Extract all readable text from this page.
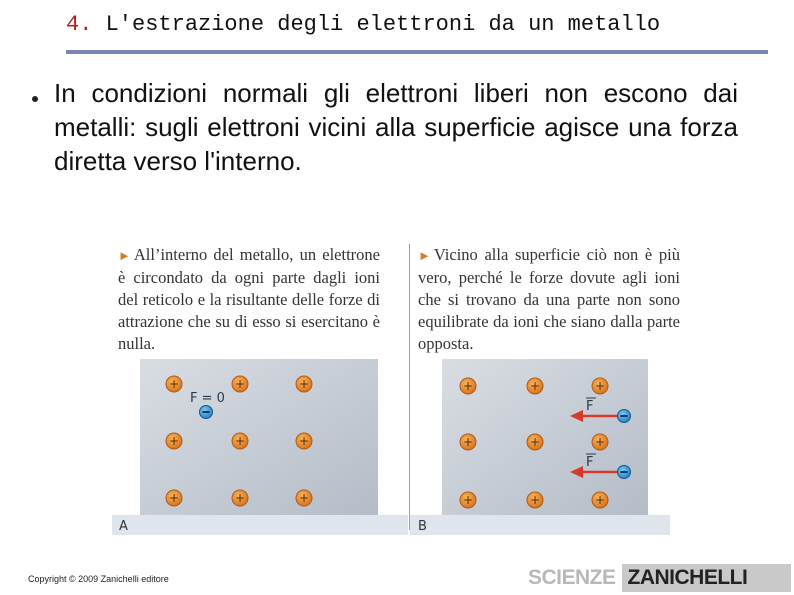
4. L'estrazione degli elettroni da un metallo
In condizioni normali gli elettroni liberi non escono dai metalli: sugli elettroni vicini alla superficie agisce una forza diretta verso l'interno.
► All’interno del metallo, un elettrone è circondato da ogni parte dagli ioni del reticolo e la risultante delle forze di attrazione che su di esso si esercitano è nulla.
► Vicino alla superficie ciò non è più vero, perché le forze dovute agli ioni che si trovano da una parte non sono equilibrate da ioni che siano dalla parte opposta.
+	+	+
+	+	+
+	+	+
F = 0
A
+	+	+
+	+	+
+	+	+
F
F
B
Copyright © 2009 Zanichelli editore	SCIENZE ZANICHELLI
